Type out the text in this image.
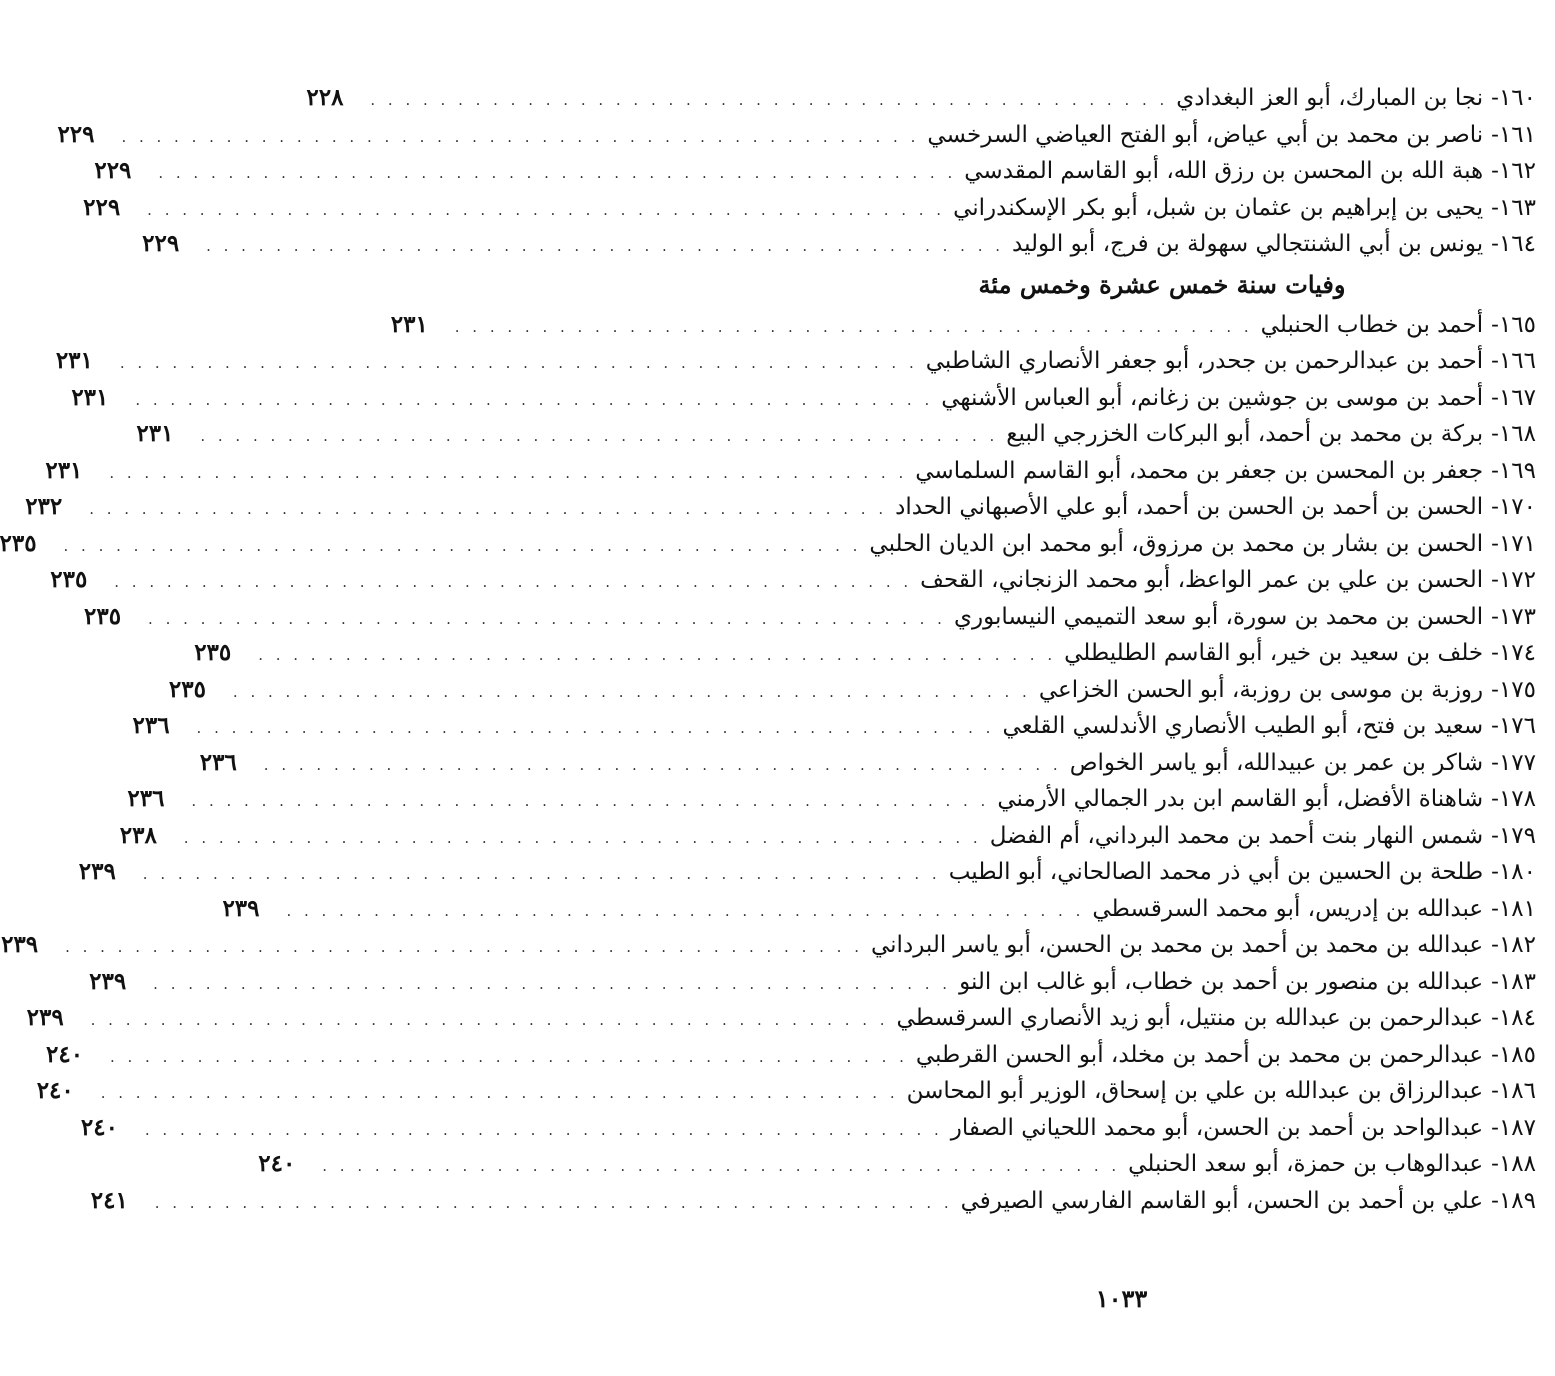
١٦٠-
نجا بن المبارك، أبو العز البغدادي
. . . . . . . . . . . . . . . . . . . . . . . . . . . . . . . . . . . . . . . . . . . . . .
٢٢٨
١٦١-
ناصر بن محمد بن أبي عياض، أبو الفتح العياضي السرخسي
. . . . . . . . . . . . . . . . . . . . . . . . . . . . . . . . . . . . . . . . . . . . . .
٢٢٩
١٦٢-
هبة الله بن المحسن بن رزق الله، أبو القاسم المقدسي
. . . . . . . . . . . . . . . . . . . . . . . . . . . . . . . . . . . . . . . . . . . . . .
٢٢٩
١٦٣-
يحيى بن إبراهيم بن عثمان بن شبل، أبو بكر الإسكندراني
. . . . . . . . . . . . . . . . . . . . . . . . . . . . . . . . . . . . . . . . . . . . . .
٢٢٩
١٦٤-
يونس بن أبي الشنتجالي سهولة بن فرج، أبو الوليد
. . . . . . . . . . . . . . . . . . . . . . . . . . . . . . . . . . . . . . . . . . . . . .
٢٢٩
وفيات سنة خمس عشرة وخمس مئة
١٦٥-
أحمد بن خطاب الحنبلي
. . . . . . . . . . . . . . . . . . . . . . . . . . . . . . . . . . . . . . . . . . . . . .
٢٣١
١٦٦-
أحمد بن عبدالرحمن بن جحدر، أبو جعفر الأنصاري الشاطبي
. . . . . . . . . . . . . . . . . . . . . . . . . . . . . . . . . . . . . . . . . . . . . .
٢٣١
١٦٧-
أحمد بن موسى بن جوشين بن زغانم، أبو العباس الأشنهي
. . . . . . . . . . . . . . . . . . . . . . . . . . . . . . . . . . . . . . . . . . . . . .
٢٣١
١٦٨-
بركة بن محمد بن أحمد، أبو البركات الخزرجي البيع
. . . . . . . . . . . . . . . . . . . . . . . . . . . . . . . . . . . . . . . . . . . . . .
٢٣١
١٦٩-
جعفر بن المحسن بن جعفر بن محمد، أبو القاسم السلماسي
. . . . . . . . . . . . . . . . . . . . . . . . . . . . . . . . . . . . . . . . . . . . . .
٢٣١
١٧٠-
الحسن بن أحمد بن الحسن بن أحمد، أبو علي الأصبهاني الحداد
. . . . . . . . . . . . . . . . . . . . . . . . . . . . . . . . . . . . . . . . . . . . . .
٢٣٢
١٧١-
الحسن بن بشار بن محمد بن مرزوق، أبو محمد ابن الديان الحلبي
. . . . . . . . . . . . . . . . . . . . . . . . . . . . . . . . . . . . . . . . . . . . . .
٢٣٥
١٧٢-
الحسن بن علي بن عمر الواعظ، أبو محمد الزنجاني، القحف
. . . . . . . . . . . . . . . . . . . . . . . . . . . . . . . . . . . . . . . . . . . . . .
٢٣٥
١٧٣-
الحسن بن محمد بن سورة، أبو سعد التميمي النيسابوري
. . . . . . . . . . . . . . . . . . . . . . . . . . . . . . . . . . . . . . . . . . . . . .
٢٣٥
١٧٤-
خلف بن سعيد بن خير، أبو القاسم الطليطلي
. . . . . . . . . . . . . . . . . . . . . . . . . . . . . . . . . . . . . . . . . . . . . .
٢٣٥
١٧٥-
روزبة بن موسى بن روزبة، أبو الحسن الخزاعي
. . . . . . . . . . . . . . . . . . . . . . . . . . . . . . . . . . . . . . . . . . . . . .
٢٣٥
١٧٦-
سعيد بن فتح، أبو الطيب الأنصاري الأندلسي القلعي
. . . . . . . . . . . . . . . . . . . . . . . . . . . . . . . . . . . . . . . . . . . . . .
٢٣٦
١٧٧-
شاكر بن عمر بن عبيدالله، أبو ياسر الخواص
. . . . . . . . . . . . . . . . . . . . . . . . . . . . . . . . . . . . . . . . . . . . . .
٢٣٦
١٧٨-
شاهناة الأفضل، أبو القاسم ابن بدر الجمالي الأرمني
. . . . . . . . . . . . . . . . . . . . . . . . . . . . . . . . . . . . . . . . . . . . . .
٢٣٦
١٧٩-
شمس النهار بنت أحمد بن محمد البرداني، أم الفضل
. . . . . . . . . . . . . . . . . . . . . . . . . . . . . . . . . . . . . . . . . . . . . .
٢٣٨
١٨٠-
طلحة بن الحسين بن أبي ذر محمد الصالحاني، أبو الطيب
. . . . . . . . . . . . . . . . . . . . . . . . . . . . . . . . . . . . . . . . . . . . . .
٢٣٩
١٨١-
عبدالله بن إدريس، أبو محمد السرقسطي
. . . . . . . . . . . . . . . . . . . . . . . . . . . . . . . . . . . . . . . . . . . . . .
٢٣٩
١٨٢-
عبدالله بن محمد بن أحمد بن محمد بن الحسن، أبو ياسر البرداني
. . . . . . . . . . . . . . . . . . . . . . . . . . . . . . . . . . . . . . . . . . . . . .
٢٣٩
١٨٣-
عبدالله بن منصور بن أحمد بن خطاب، أبو غالب ابن النو
. . . . . . . . . . . . . . . . . . . . . . . . . . . . . . . . . . . . . . . . . . . . . .
٢٣٩
١٨٤-
عبدالرحمن بن عبدالله بن منتيل، أبو زيد الأنصاري السرقسطي
. . . . . . . . . . . . . . . . . . . . . . . . . . . . . . . . . . . . . . . . . . . . . .
٢٣٩
١٨٥-
عبدالرحمن بن محمد بن أحمد بن مخلد، أبو الحسن القرطبي
. . . . . . . . . . . . . . . . . . . . . . . . . . . . . . . . . . . . . . . . . . . . . .
٢٤٠
١٨٦-
عبدالرزاق بن عبدالله بن علي بن إسحاق، الوزير أبو المحاسن
. . . . . . . . . . . . . . . . . . . . . . . . . . . . . . . . . . . . . . . . . . . . . .
٢٤٠
١٨٧-
عبدالواحد بن أحمد بن الحسن، أبو محمد اللحياني الصفار
. . . . . . . . . . . . . . . . . . . . . . . . . . . . . . . . . . . . . . . . . . . . . .
٢٤٠
١٨٨-
عبدالوهاب بن حمزة، أبو سعد الحنبلي
. . . . . . . . . . . . . . . . . . . . . . . . . . . . . . . . . . . . . . . . . . . . . .
٢٤٠
١٨٩-
علي بن أحمد بن الحسن، أبو القاسم الفارسي الصيرفي
. . . . . . . . . . . . . . . . . . . . . . . . . . . . . . . . . . . . . . . . . . . . . .
٢٤١
١٠٣٣
